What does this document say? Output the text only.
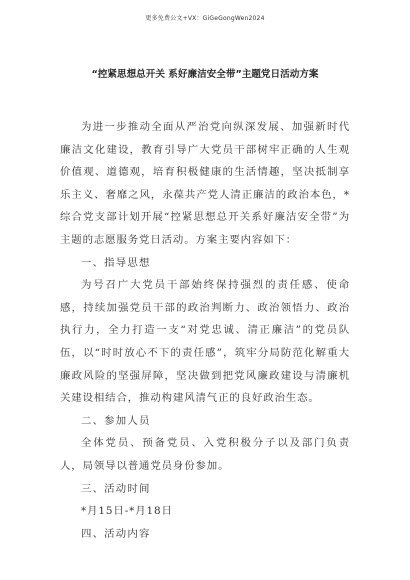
更多免费公文+VX：GiGeGongWen2024
“控紧思想总开关 系好廉洁安全带”主题党日活动方案

为进一步推动全面从严治党向纵深发展、加强新时代廉洁文化建设，教育引导广大党员干部树牢正确的人生观价值观、道德观，培育积极健康的生活情趣，坚决抵制享乐主义、奢靡之风，永葆共产党人清正廉洁的政治本色，*综合党支部计划开展“控紧思想总开关系好廉洁安全带”为主题的志愿服务党日活动。方案主要内容如下：

一、指导思想

为号召广大党员干部始终保持强烈的责任感、使命感，持续加强党员干部的政治判断力、政治领悟力、政治执行力，全力打造一支“对党忠诚、清正廉洁”的党员队伍，以“时时放心不下的责任感”，筑牢分局防范化解重大廉政风险的坚强屏障，坚决做到把党风廉政建设与清廉机关建设相结合，推动构建风清气正的良好政治生态。

二、参加人员

全体党员、预备党员、入党积极分子以及部门负责人，局领导以普通党员身份参加。

三、活动时间

*月15日-*月18日

四、活动内容
